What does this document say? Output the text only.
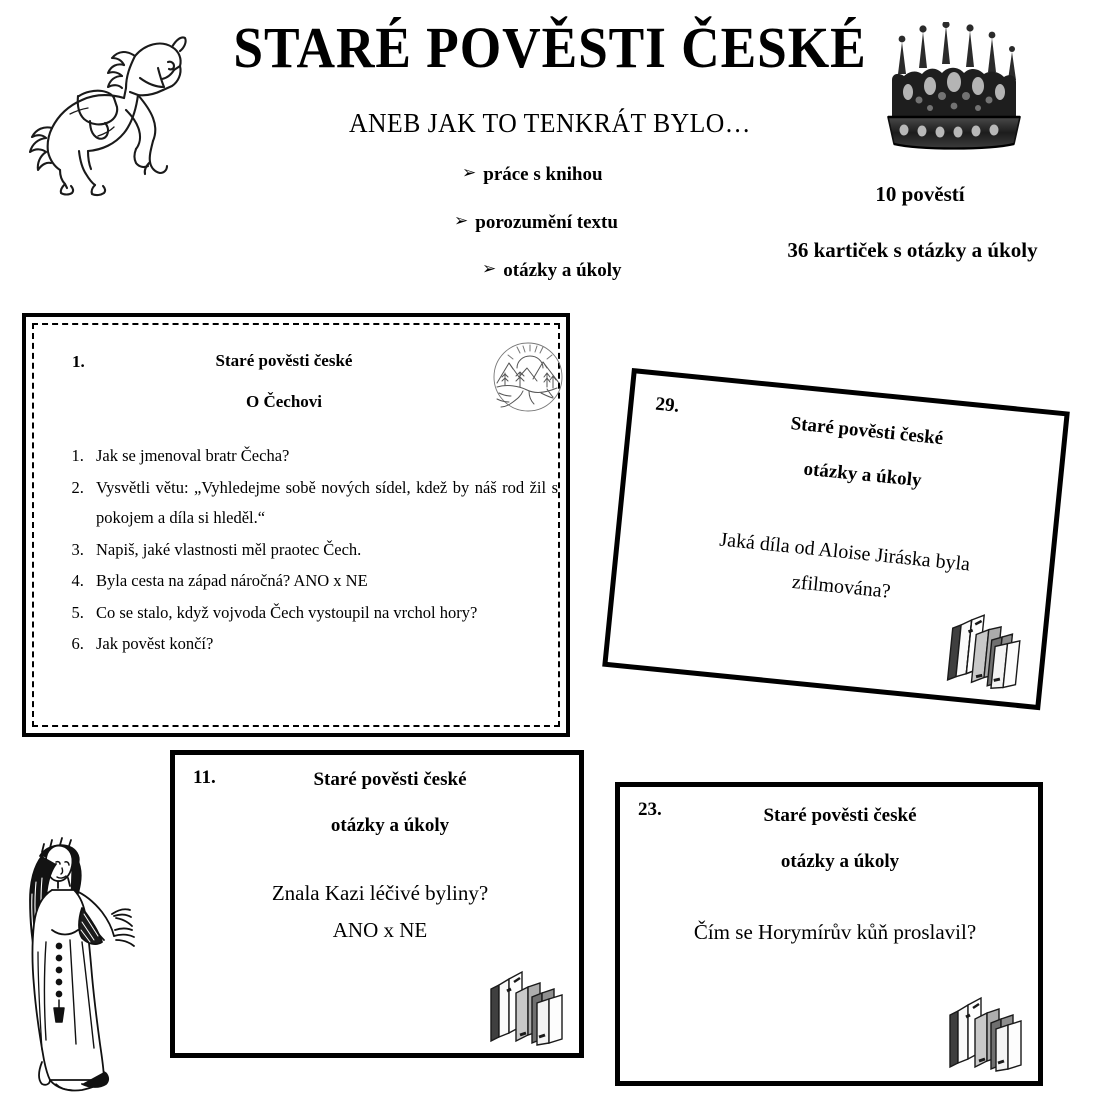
STARÉ POVĚSTI ČESKÉ
ANEB JAK TO TENKRÁT BYLO…
➢ práce s knihou
➢ porozumění textu
➢ otázky a úkoly
10 pověstí
36 kartiček s otázky a úkoly
1.	Staré pověsti české
O Čechovi
1. Jak se jmenoval bratr Čecha?
2. Vysvětli větu: „Vyhledejme sobě nových sídel, kdež by náš rod žil s pokojem a díla si hleděl.“
3. Napiš, jaké vlastnosti měl praotec Čech.
4. Byla cesta na západ náročná? ANO x NE
5. Co se stalo, když vojvoda Čech vystoupil na vrchol hory?
6. Jak pověst končí?
29.
Staré pověsti české
otázky a úkoly
Jaká díla od Aloise Jiráska byla zfilmována?
11.	Staré pověsti české
otázky a úkoly
Znala Kazi léčivé byliny?
ANO x NE
23.	Staré pověsti české
otázky a úkoly
Čím se Horymírův kůň proslavil?
